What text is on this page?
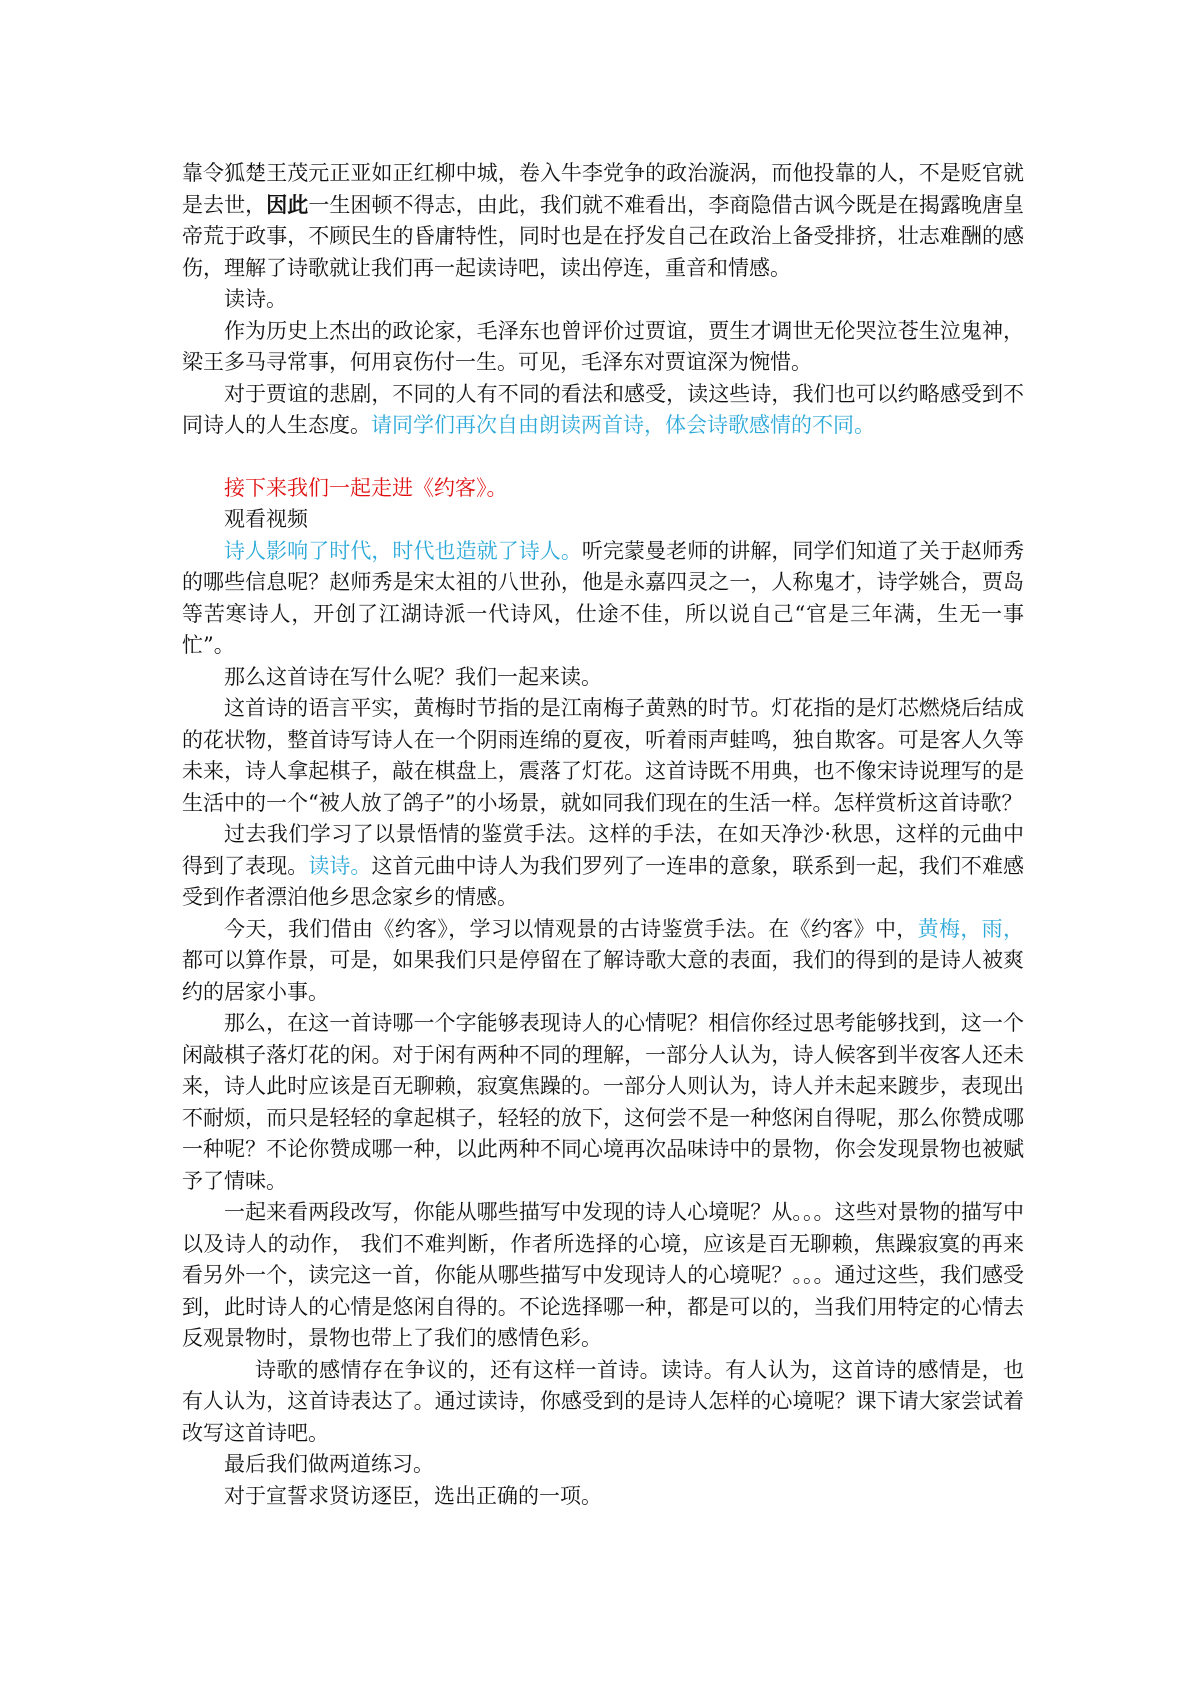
靠令狐楚王茂元正亚如正红柳中城，卷入牛李党争的政治漩涡，而他投靠的人，不是贬官就是去世，因此一生困顿不得志，由此，我们就不难看出，李商隐借古讽今既是在揭露晚唐皇帝荒于政事，不顾民生的昏庸特性，同时也是在抒发自己在政治上备受排挤，壮志难酬的感伤，理解了诗歌就让我们再一起读诗吧，读出停连，重音和情感。

读诗。

作为历史上杰出的政论家，毛泽东也曾评价过贾谊，贾生才调世无伦哭泣苍生泣鬼神，梁王多马寻常事，何用哀伤付一生。可见，毛泽东对贾谊深为惋惜。

对于贾谊的悲剧，不同的人有不同的看法和感受，读这些诗，我们也可以约略感受到不同诗人的人生态度。请同学们再次自由朗读两首诗，体会诗歌感情的不同。

接下来我们一起走进《约客》。

观看视频

诗人影响了时代，时代也造就了诗人。听完蒙曼老师的讲解，同学们知道了关于赵师秀的哪些信息呢？赵师秀是宋太祖的八世孙，他是永嘉四灵之一，人称鬼才，诗学姚合，贾岛等苦寒诗人，开创了江湖诗派一代诗风，仕途不佳，所以说自己“官是三年满，生无一事忙”。

那么这首诗在写什么呢？我们一起来读。

这首诗的语言平实，黄梅时节指的是江南梅子黄熟的时节。灯花指的是灯芯燃烧后结成的花状物，整首诗写诗人在一个阴雨连绵的夏夜，听着雨声蛙鸣，独自欺客。可是客人久等未来，诗人拿起棋子，敲在棋盘上，震落了灯花。这首诗既不用典，也不像宋诗说理写的是生活中的一个“被人放了鸽子”的小场景，就如同我们现在的生活一样。怎样赏析这首诗歌？

过去我们学习了以景悟情的鉴赏手法。这样的手法，在如天净沙·秋思，这样的元曲中得到了表现。读诗。这首元曲中诗人为我们罗列了一连串的意象，联系到一起，我们不难感受到作者漂泊他乡思念家乡的情感。

今天，我们借由《约客》，学习以情观景的古诗鉴赏手法。在《约客》中，黄梅，雨，都可以算作景，可是，如果我们只是停留在了解诗歌大意的表面，我们的得到的是诗人被爽约的居家小事。

那么，在这一首诗哪一个字能够表现诗人的心情呢？相信你经过思考能够找到，这一个闲敲棋子落灯花的闲。对于闲有两种不同的理解，一部分人认为，诗人候客到半夜客人还未来，诗人此时应该是百无聊赖，寂寞焦躁的。一部分人则认为，诗人并未起来踱步，表现出不耐烦，而只是轻轻的拿起棋子，轻轻的放下，这何尝不是一种悠闲自得呢，那么你赞成哪一种呢？不论你赞成哪一种，以此两种不同心境再次品味诗中的景物，你会发现景物也被赋予了情味。

一起来看两段改写，你能从哪些描写中发现的诗人心境呢？从。。。这些对景物的描写中以及诗人的动作， 我们不难判断，作者所选择的心境，应该是百无聊赖，焦躁寂寞的再来看另外一个，读完这一首，你能从哪些描写中发现诗人的心境呢？。。。通过这些，我们感受到，此时诗人的心情是悠闲自得的。不论选择哪一种，都是可以的，当我们用特定的心情去反观景物时，景物也带上了我们的感情色彩。

诗歌的感情存在争议的，还有这样一首诗。读诗。有人认为，这首诗的感情是，也有人认为，这首诗表达了。通过读诗，你感受到的是诗人怎样的心境呢？课下请大家尝试着改写这首诗吧。

最后我们做两道练习。

对于宣誓求贤访逐臣，选出正确的一项。
